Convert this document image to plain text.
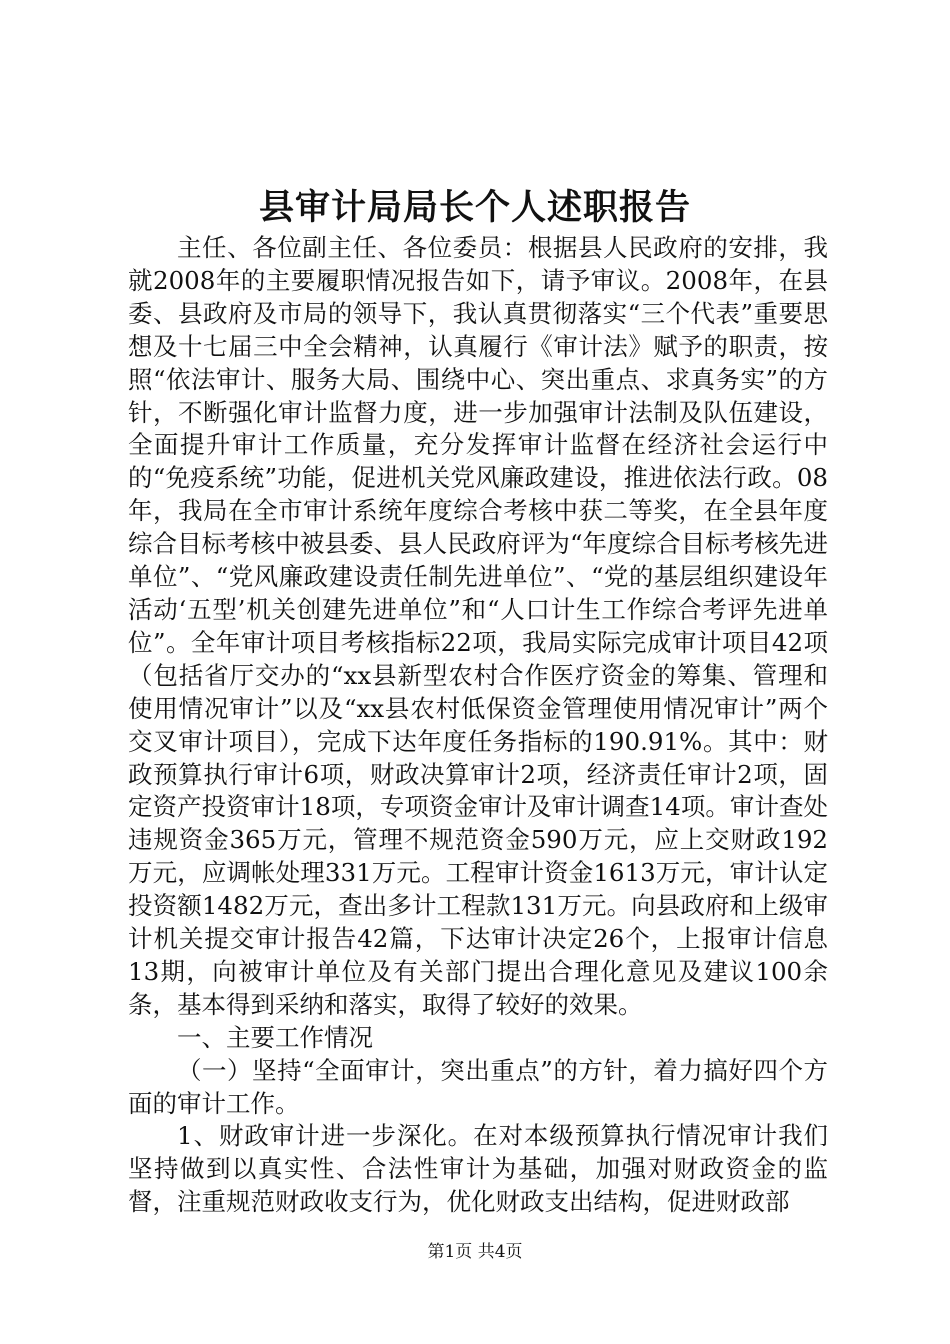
县审计局局长个人述职报告

主任、各位副主任、各位委员：根据县人民政府的安排，我就2008年的主要履职情况报告如下，请予审议。2008年，在县委、县政府及市局的领导下，我认真贯彻落实“三个代表”重要思想及十七届三中全会精神，认真履行《审计法》赋予的职责，按照“依法审计、服务大局、围绕中心、突出重点、求真务实”的方针，不断强化审计监督力度，进一步加强审计法制及队伍建设，全面提升审计工作质量，充分发挥审计监督在经济社会运行中的“免疫系统”功能，促进机关党风廉政建设，推进依法行政。08年，我局在全市审计系统年度综合考核中获二等奖，在全县年度综合目标考核中被县委、县人民政府评为“年度综合目标考核先进单位”、“党风廉政建设责任制先进单位”、“党的基层组织建设年活动‘五型’机关创建先进单位”和“人口计生工作综合考评先进单位”。全年审计项目考核指标22项，我局实际完成审计项目42项（包括省厅交办的“xx县新型农村合作医疗资金的筹集、管理和使用情况审计”以及“xx县农村低保资金管理使用情况审计”两个交叉审计项目），完成下达年度任务指标的190.91%。其中：财政预算执行审计6项，财政决算审计2项，经济责任审计2项，固定资产投资审计18项，专项资金审计及审计调查14项。审计查处违规资金365万元，管理不规范资金590万元，应上交财政192万元，应调帐处理331万元。工程审计资金1613万元，审计认定投资额1482万元，查出多计工程款131万元。向县政府和上级审计机关提交审计报告42篇，下达审计决定26个，上报审计信息13期，向被审计单位及有关部门提出合理化意见及建议100余条，基本得到采纳和落实，取得了较好的效果。

一、主要工作情况

（一）坚持“全面审计，突出重点”的方针，着力搞好四个方面的审计工作。

1、财政审计进一步深化。在对本级预算执行情况审计我们坚持做到以真实性、合法性审计为基础，加强对财政资金的监督，注重规范财政收支行为，优化财政支出结构，促进财政部

第1页 共4页
